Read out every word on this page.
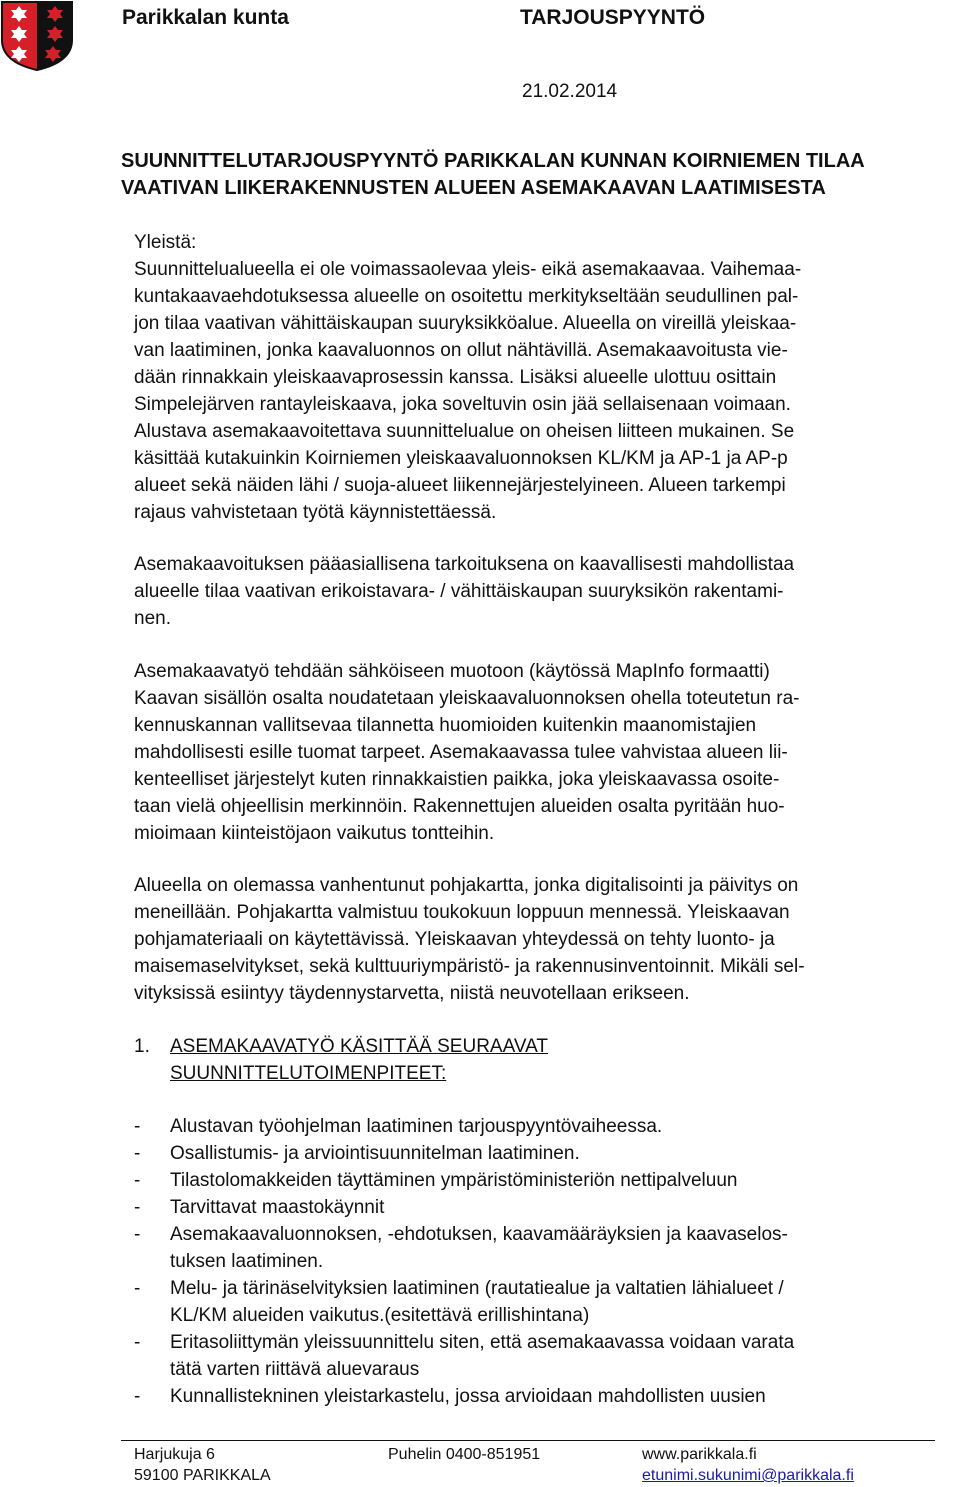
Parikkalan kunta	TARJOUSPYYNTÖ
21.02.2014
SUUNNITTELUTARJOUSPYYNTÖ PARIKKALAN KUNNAN KOIRNIEMEN TILAA
VAATIVAN LIIKERAKENNUSTEN ALUEEN ASEMAKAAVAN LAATIMISESTA
Yleistä:
Suunnittelualueella ei ole voimassaolevaa yleis- eikä asemakaavaa. Vaihemaa-
kuntakaavaehdotuksessa alueelle on osoitettu merkitykseltään seudullinen pal-
jon tilaa vaativan vähittäiskaupan suuryksikköalue. Alueella on vireillä yleiskaa-
van laatiminen, jonka kaavaluonnos on ollut nähtävillä. Asemakaavoitusta vie-
dään rinnakkain yleiskaavaprosessin kanssa. Lisäksi alueelle ulottuu osittain
Simpelejärven rantayleiskaava, joka soveltuvin osin jää sellaisenaan voimaan.
Alustava asemakaavoitettava suunnittelualue on oheisen liitteen mukainen. Se
käsittää kutakuinkin Koirniemen yleiskaavaluonnoksen KL/KM ja AP-1 ja AP-p
alueet sekä näiden lähi / suoja-alueet liikennejärjestelyineen. Alueen tarkempi
rajaus vahvistetaan työtä käynnistettäessä.
Asemakaavoituksen pääasiallisena tarkoituksena on kaavallisesti mahdollistaa
alueelle tilaa vaativan erikoistavara- / vähittäiskaupan suuryksikön rakentami-
nen.
Asemakaavatyö tehdään sähköiseen muotoon (käytössä MapInfo formaatti)
Kaavan sisällön osalta noudatetaan yleiskaavaluonnoksen ohella toteutetun ra-
kennuskannan vallitsevaa tilannetta huomioiden kuitenkin maanomistajien
mahdollisesti esille tuomat tarpeet. Asemakaavassa tulee vahvistaa alueen lii-
kenteelliset järjestelyt kuten rinnakkaistien paikka, joka yleiskaavassa osoite-
taan vielä ohjeellisin merkinnöin. Rakennettujen alueiden osalta pyritään huo-
mioimaan kiinteistöjaon vaikutus tontteihin.
Alueella on olemassa vanhentunut pohjakartta, jonka digitalisointi ja päivitys on
meneillään. Pohjakartta valmistuu toukokuun loppuun mennessä. Yleiskaavan
pohjamateriaali on käytettävissä. Yleiskaavan yhteydessä on tehty luonto- ja
maisemaselvitykset, sekä kulttuuriympäristö- ja rakennusinventoinnit. Mikäli sel-
vityksissä esiintyy täydennystarvetta, niistä neuvotellaan erikseen.
1. ASEMAKAAVATYÖ KÄSITTÄÄ SEURAAVAT
SUUNNITTELUTOIMENPITEET:
- Alustavan työohjelman laatiminen tarjouspyyntövaiheessa.
- Osallistumis- ja arviointisuunnitelman laatiminen.
- Tilastolomakkeiden täyttäminen ympäristöministeriön nettipalveluun
- Tarvittavat maastokäynnit
- Asemakaavaluonnoksen, -ehdotuksen, kaavamääräyksien ja kaavaselos-
tuksen laatiminen.
- Melu- ja tärinäselvityksien laatiminen (rautatiealue ja valtatien lähialueet /
KL/KM alueiden vaikutus.(esitettävä erillishintana)
- Eritasoliittymän yleissuunnittelu siten, että asemakaavassa voidaan varata
tätä varten riittävä aluevaraus
- Kunnallistekninen yleistarkastelu, jossa arvioidaan mahdollisten uusien
Harjukuja 6
59100 PARIKKALA
Puhelin 0400-851951	www.parikkala.fi
etunimi.sukunimi@parikkala.fi
